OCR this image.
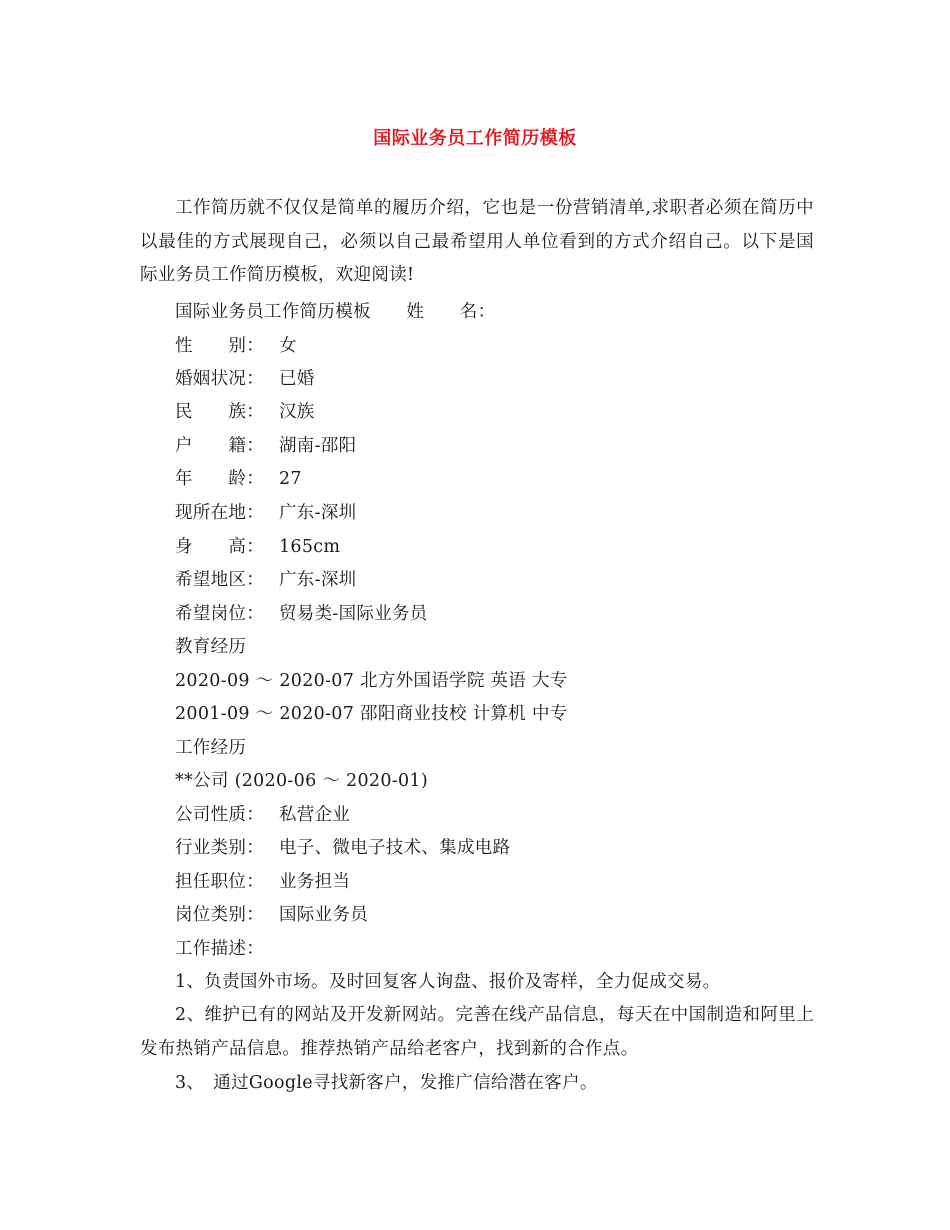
国际业务员工作简历模板
工作简历就不仅仅是简单的履历介绍，它也是一份营销清单,求职者必须在简历中以最佳的方式展现自己，必须以自己最希望用人单位看到的方式介绍自己。以下是国际业务员工作简历模板，欢迎阅读!
国际业务员工作简历模板　　姓　　名：
性　　别： 女
婚姻状况： 已婚
民　　族： 汉族
户　　籍： 湖南-邵阳
年　　龄： 27
现所在地： 广东-深圳
身　　高： 165cm
希望地区： 广东-深圳
希望岗位： 贸易类-国际业务员
教育经历
2020-09 ～ 2020-07 北方外国语学院 英语 大专
2001-09 ～ 2020-07 邵阳商业技校 计算机 中专
工作经历
**公司 (2020-06 ～ 2020-01)
公司性质： 私营企业
行业类别： 电子、微电子技术、集成电路
担任职位： 业务担当
岗位类别： 国际业务员
工作描述：
1、负责国外市场。及时回复客人询盘、报价及寄样，全力促成交易。
2、维护已有的网站及开发新网站。完善在线产品信息，每天在中国制造和阿里上发布热销产品信息。推荐热销产品给老客户，找到新的合作点。
3、　通过Google寻找新客户，发推广信给潜在客户。
